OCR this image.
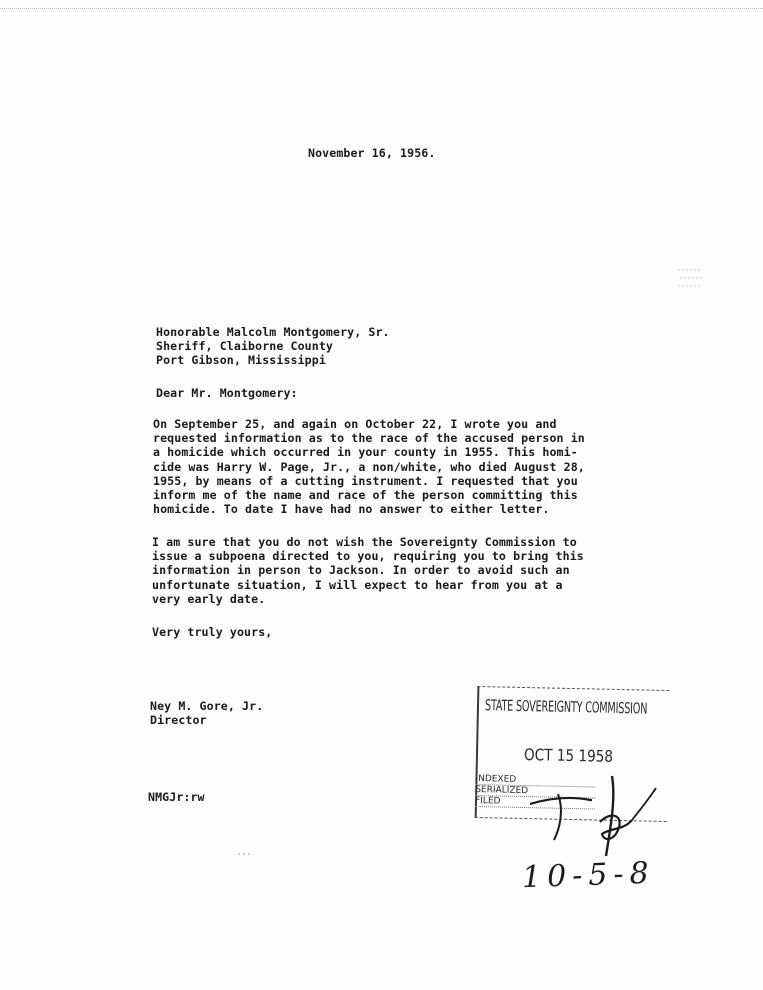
November 16, 1956.
Honorable Malcolm Montgomery, Sr.
Sheriff, Claiborne County
Port Gibson, Mississippi
Dear Mr. Montgomery:
On September 25, and again on October 22, I wrote you and
requested information as to the race of the accused person in
a homicide which occurred in your county in 1955. This homi-
cide was Harry W. Page, Jr., a non/white, who died August 28,
1955, by means of a cutting instrument. I requested that you
inform me of the name and race of the person committing this
homicide. To date I have had no answer to either letter.
I am sure that you do not wish the Sovereignty Commission to
issue a subpoena directed to you, requiring you to bring this
information in person to Jackson. In order to avoid such an
unfortunate situation, I will expect to hear from you at a
very early date.
Very truly yours,
Ney M. Gore, Jr.
Director
NMGJr:rw
STATE SOVEREIGNTY COMMISSION
OCT 15 1958
INDEXED
SERIALIZED
FILED
10-5-8
